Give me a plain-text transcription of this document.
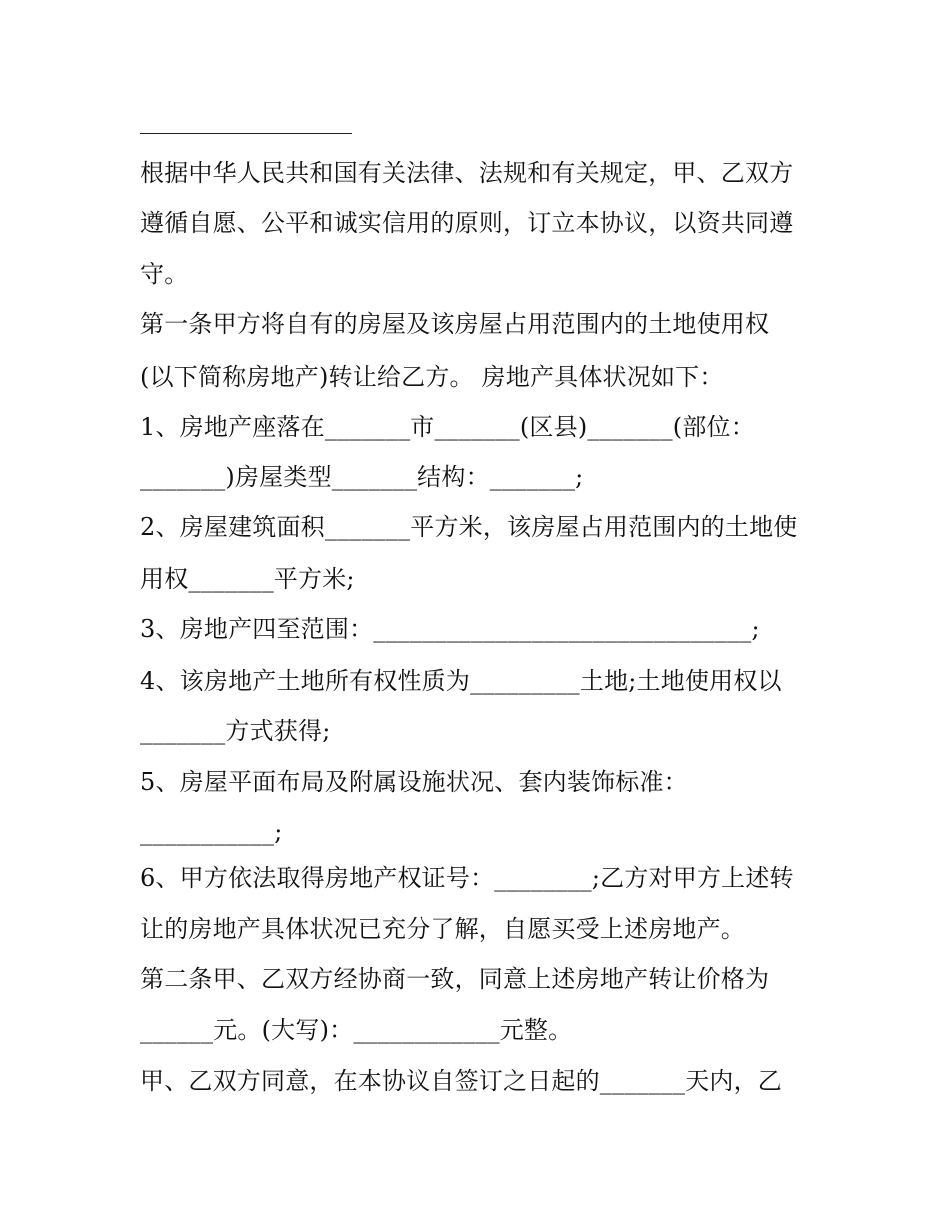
根据中华人民共和国有关法律、法规和有关规定，甲、乙双方
遵循自愿、公平和诚实信用的原则，订立本协议，以资共同遵
守。
第一条甲方将自有的房屋及该房屋占用范围内的土地使用权
(以下简称房地产)转让给乙方。 房地产具体状况如下：
1、房地产座落在_______市_______(区县)_______(部位：
_______)房屋类型_______结构：_______;
2、房屋建筑面积_______平方米，该房屋占用范围内的土地使
用权_______平方米;
3、房地产四至范围：_______________________________;
4、该房地产土地所有权性质为_________土地;土地使用权以
_______方式获得;
5、房屋平面布局及附属设施状况、套内装饰标准：
___________;
6、甲方依法取得房地产权证号：________;乙方对甲方上述转
让的房地产具体状况已充分了解，自愿买受上述房地产。
第二条甲、乙双方经协商一致，同意上述房地产转让价格为
______元。(大写)：____________元整。
甲、乙双方同意，在本协议自签订之日起的_______天内，乙
